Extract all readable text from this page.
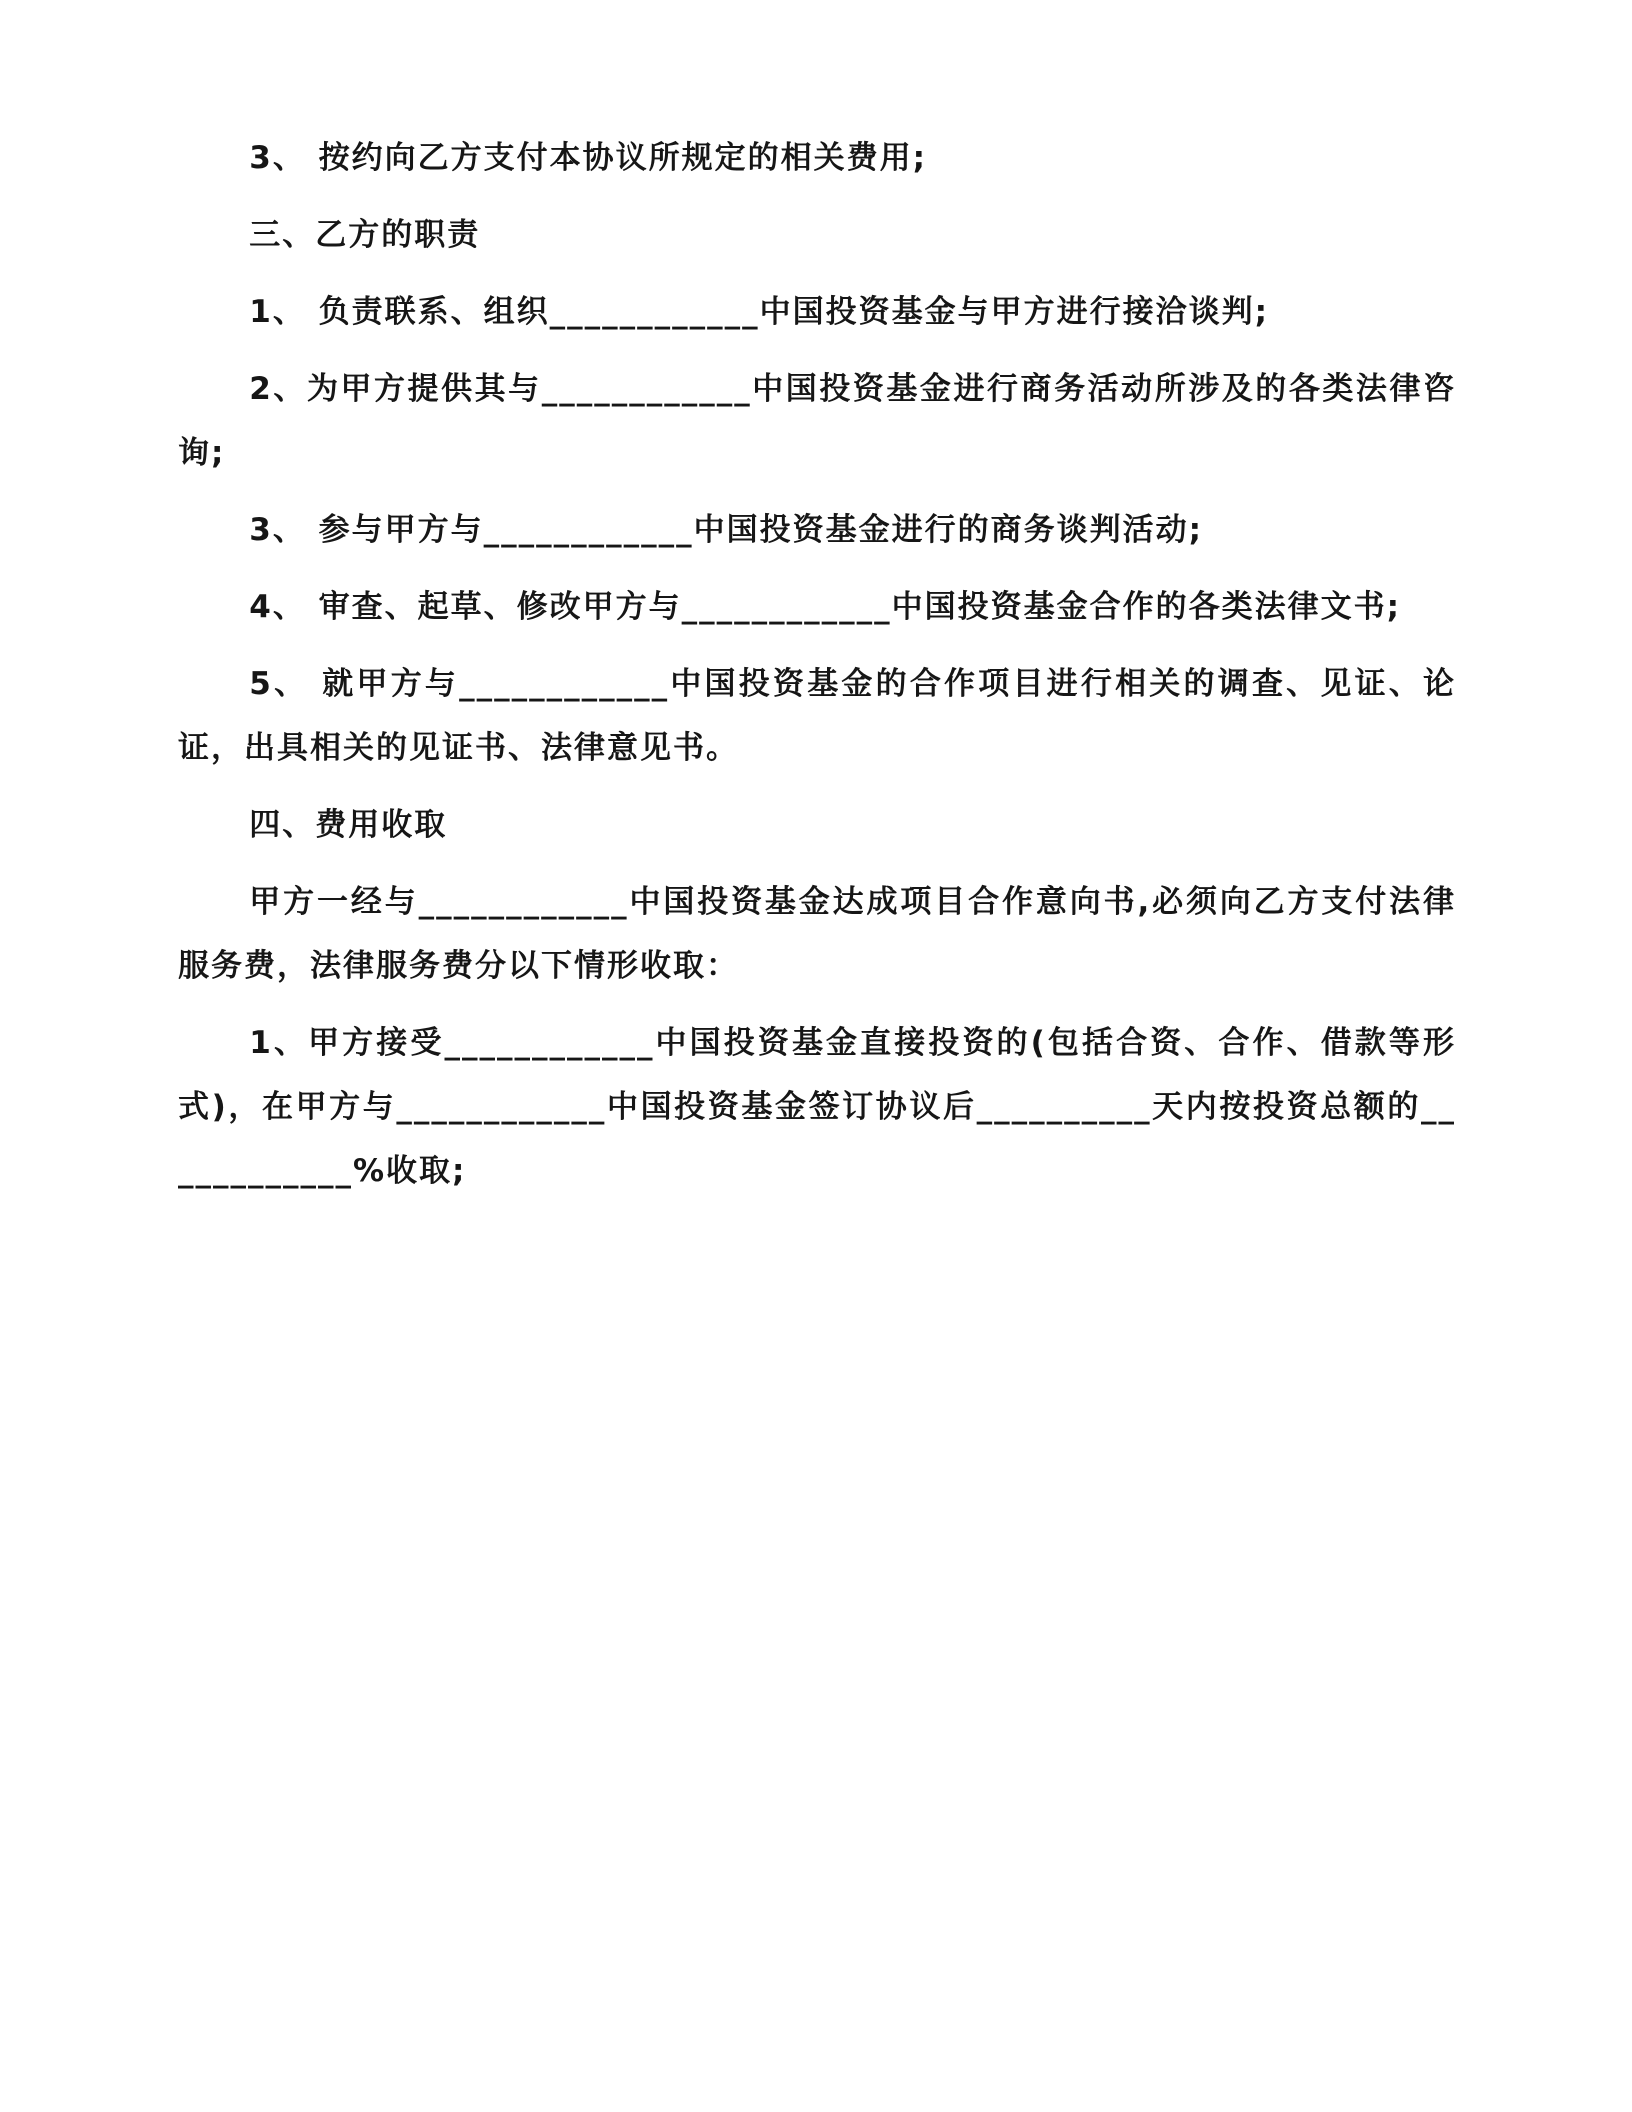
3、 按约向乙方支付本协议所规定的相关费用;

三、乙方的职责

1、 负责联系、组织____________中国投资基金与甲方进行接洽谈判;

2、为甲方提供其与____________中国投资基金进行商务活动所涉及的各类法律咨询;

3、 参与甲方与____________中国投资基金进行的商务谈判活动;

4、 审查、起草、修改甲方与____________中国投资基金合作的各类法律文书;

5、 就甲方与____________中国投资基金的合作项目进行相关的调查、见证、论证，出具相关的见证书、法律意见书。

四、费用收取

甲方一经与____________中国投资基金达成项目合作意向书,必须向乙方支付法律服务费，法律服务费分以下情形收取：

1、甲方接受____________中国投资基金直接投资的(包括合资、合作、借款等形式)，在甲方与____________中国投资基金签订协议后__________天内按投资总额的____________%收取;
